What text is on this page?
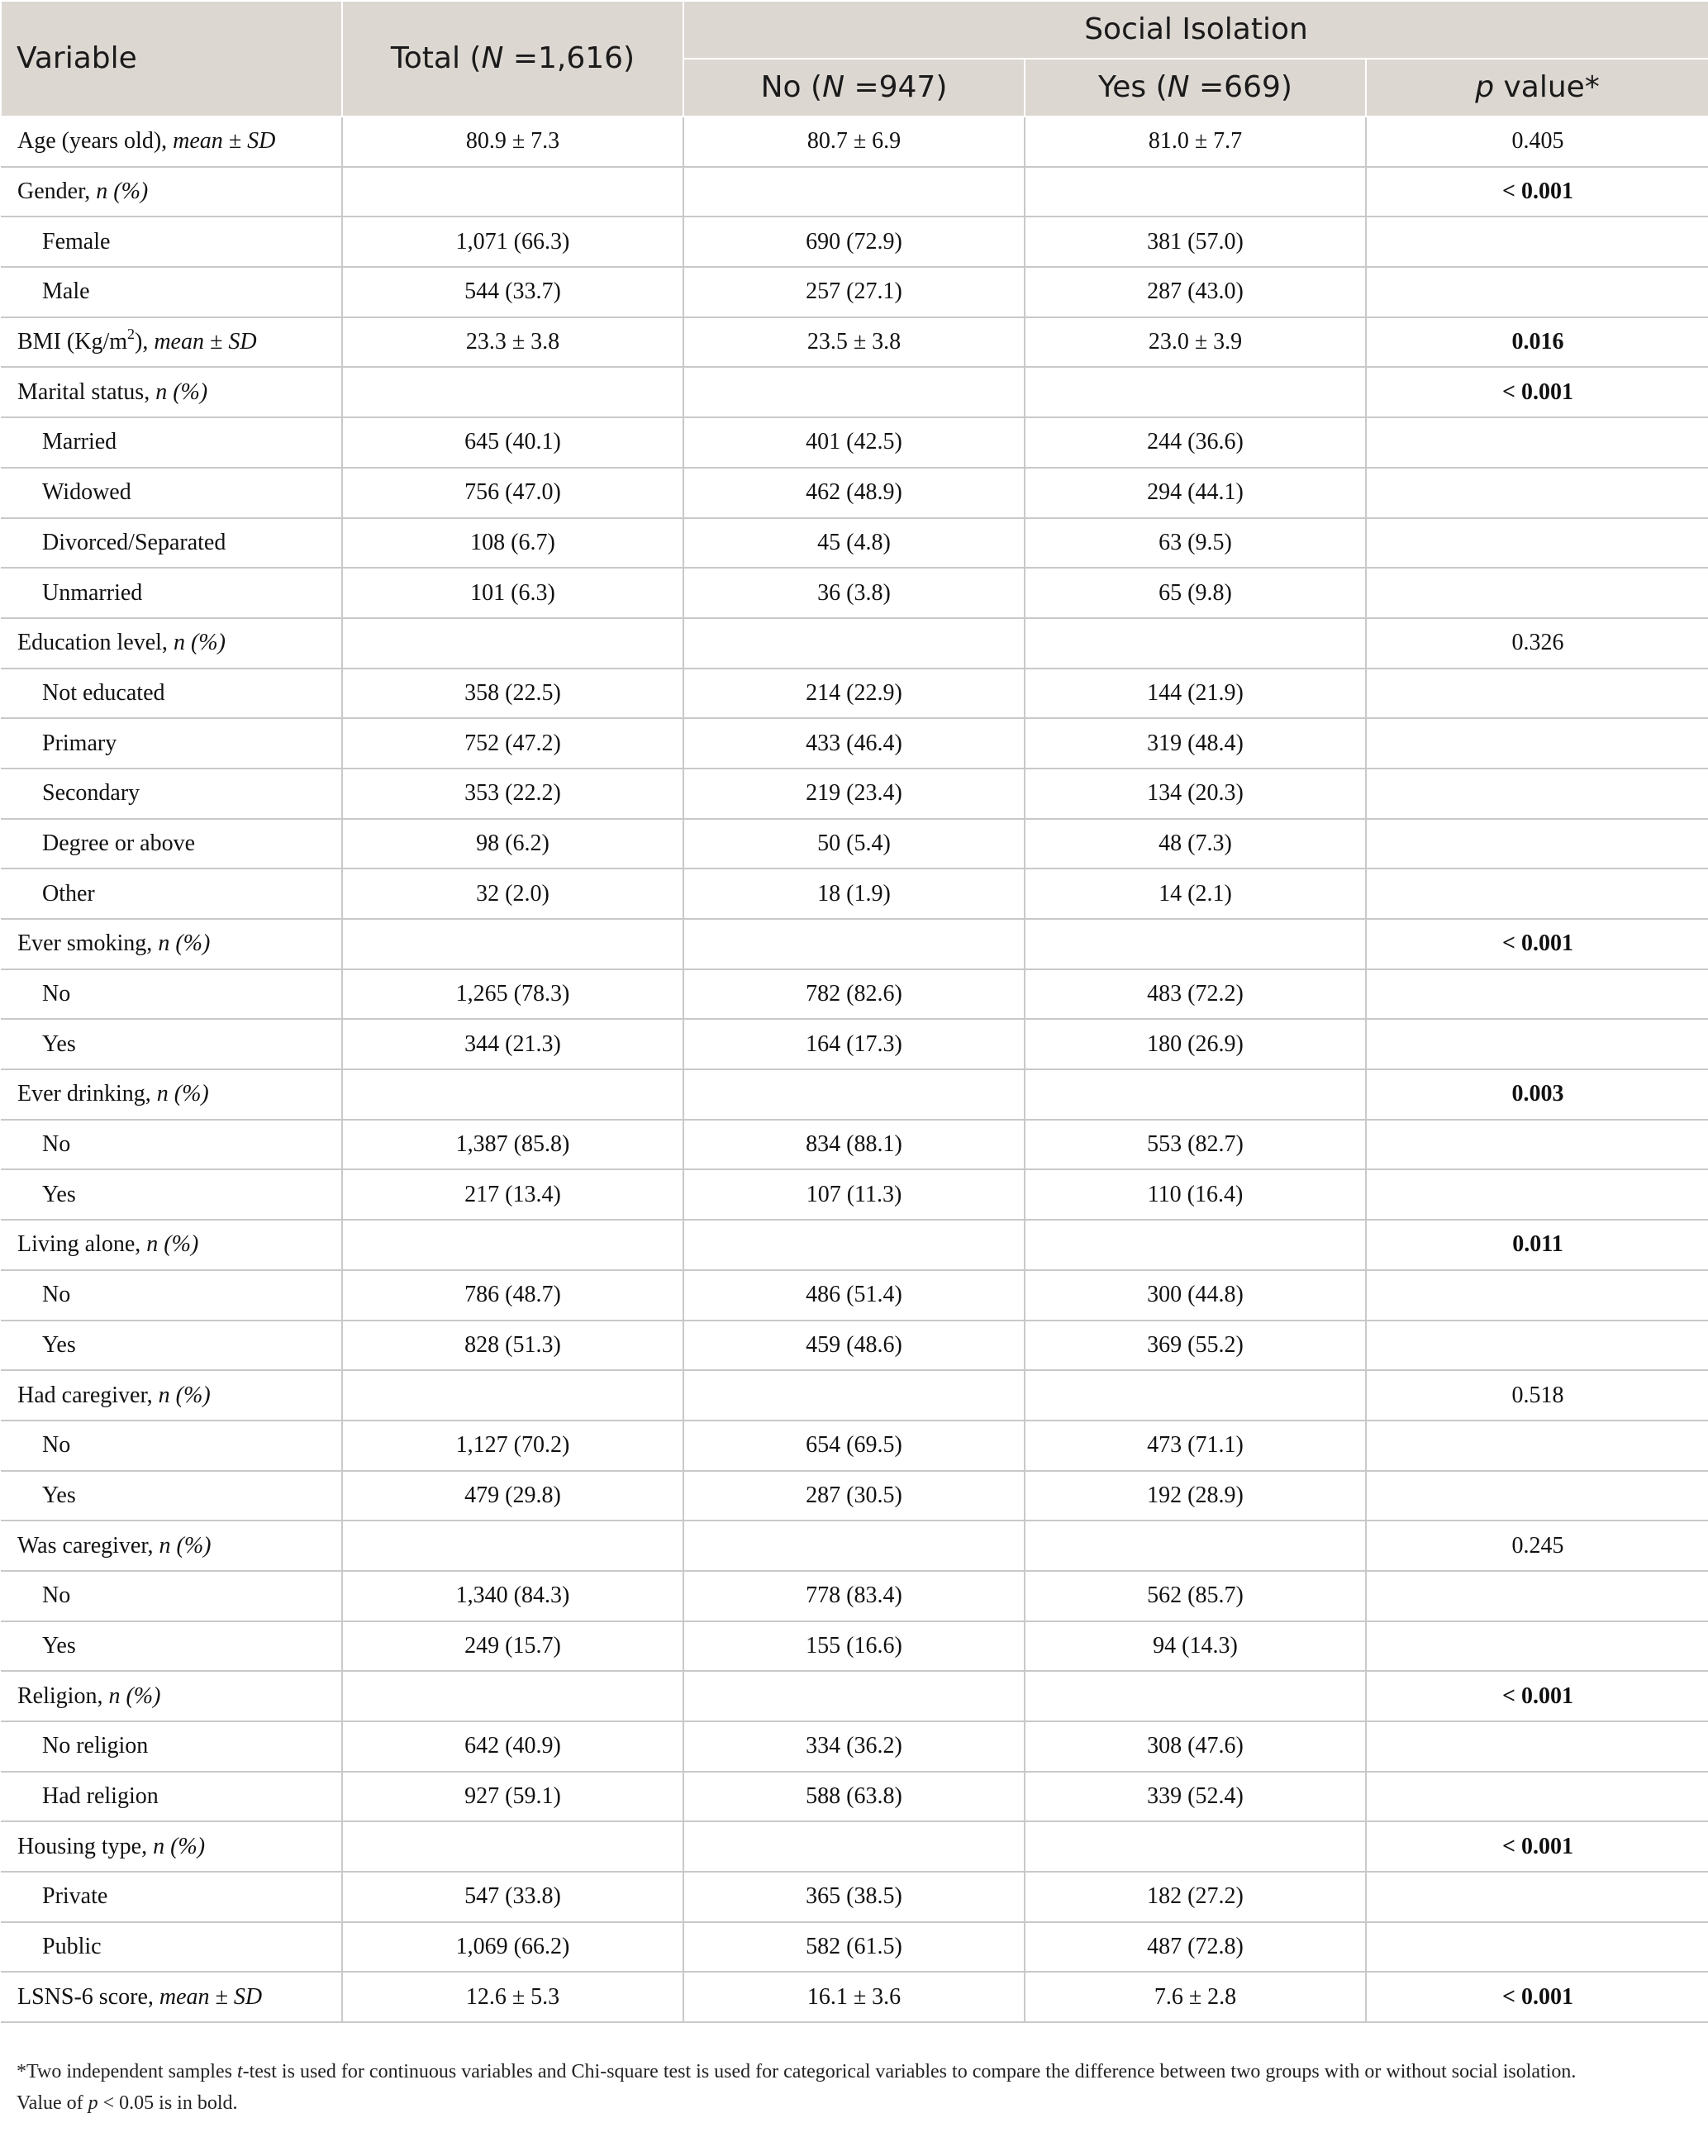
Variable	Total (N =1,616)	Social Isolation		
		No (N =947)	Yes (N =669)	p value*
Age (years old), mean ± SD	80.9 ± 7.3	80.7 ± 6.9	81.0 ± 7.7	0.405
Gender, n (%)				< 0.001
Female	1,071 (66.3)	690 (72.9)	381 (57.0)	
Male	544 (33.7)	257 (27.1)	287 (43.0)	
BMI $(Kg/m^2)$, mean ± SD	23.3 ± 3.8	23.5 ± 3.8	23.0 ± 3.9	0.016
Marital status, n (%)				< 0.001
Married	645 (40.1)	401 (42.5)	244 (36.6)	
Widowed	756 (47.0)	462 (48.9)	294 (44.1)	
Divorced/Separated	108 (6.7)	45 (4.8)	63 (9.5)	
Unmarried	101 (6.3)	36 (3.8)	65 (9.8)	
Education level, n (%)				0.326
Not educated	358 (22.5)	214 (22.9)	144 (21.9)	
Primary	752 (47.2)	433 (46.4)	319 (48.4)	
Secondary	353 (22.2)	219 (23.4)	134 (20.3)	
Degree or above	98 (6.2)	50 (5.4)	48 (7.3)	
Other	32 (2.0)	18 (1.9)	14 (2.1)	
Ever smoking, n (%)				< 0.001
No	1,265 (78.3)	782 (82.6)	483 (72.2)	
Yes	344 (21.3)	164 (17.3)	180 (26.9)	
Ever drinking, n (%)				0.003
No	1,387 (85.8)	834 (88.1)	553 (82.7)	
Yes	217 (13.4)	107 (11.3)	110 (16.4)	
Living alone, n (%)				0.011
No	786 (48.7)	486 (51.4)	300 (44.8)	
Yes	828 (51.3)	459 (48.6)	369 (55.2)	
Had caregiver, n (%)				0.518
No	1,127 (70.2)	654 (69.5)	473 (71.1)	
Yes	479 (29.8)	287 (30.5)	192 (28.9)	
Was caregiver, n (%)				0.245
No	1,340 (84.3)	778 (83.4)	562 (85.7)	
Yes	249 (15.7)	155 (16.6)	94 (14.3)	
Religion, n (%)				< 0.001
No religion	642 (40.9)	334 (36.2)	308 (47.6)	
Had religion	927 (59.1)	588 (63.8)	339 (52.4)	
Housing type, n (%)				< 0.001
Private	547 (33.8)	365 (38.5)	182 (27.2)	
Public	1,069 (66.2)	582 (61.5)	487 (72.8)	
LSNS-6 score, mean ± SD	12.6 ± 5.3	16.1 ± 3.6	7.6 ± 2.8	< 0.001

*Two independent samples t-test is used for continuous variables and Chi-square test is used for categorical variables to compare the difference between two groups with or without social isolation.

Value of p < 0.05 is in bold.
